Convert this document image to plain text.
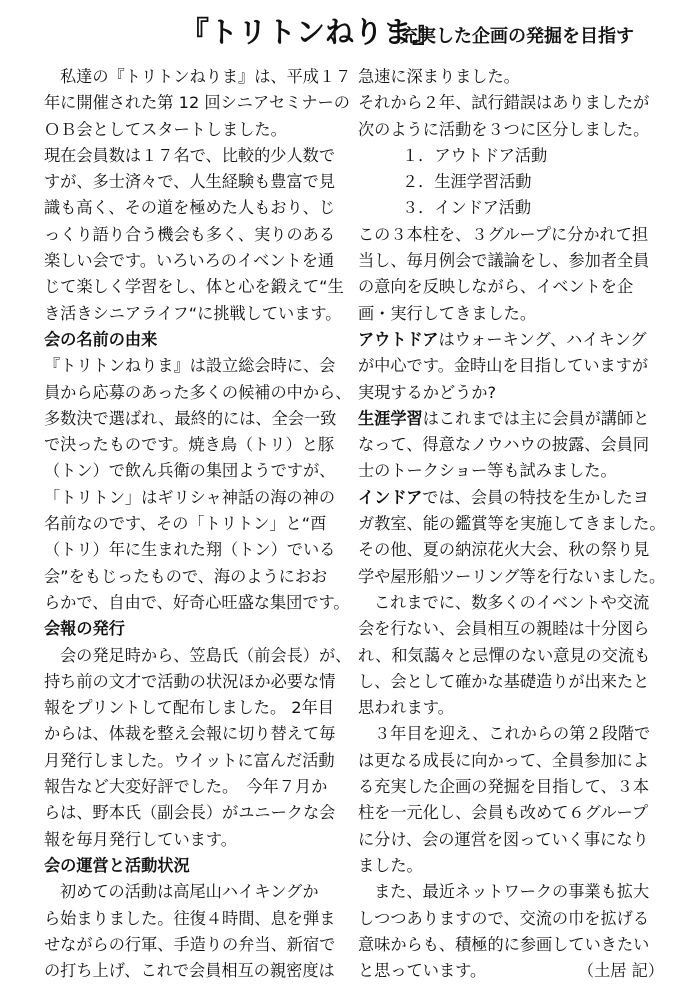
『トリトンねりま』
充実した企画の発掘を目指す
私達の『トリトンねりま』は、平成１７
年に開催された第 12 回シニアセミナーの
ＯＢ会としてスタートしました。
現在会員数は１７名で、比較的少人数で
すが、多士済々で、人生経験も豊富で見
識も高く、その道を極めた人もおり、じ
っくり語り合う機会も多く、実りのある
楽しい会です。いろいろのイベントを通
じて楽しく学習をし、体と心を鍛えて“生
き活きシニアライフ“に挑戦しています。
会の名前の由来
『トリトンねりま』は設立総会時に、会
員から応募のあった多くの候補の中から、
多数決で選ばれ、最終的には、全会一致
で決ったものです。焼き鳥（トリ）と豚
（トン）で飲ん兵衛の集団ようですが、
「トリトン」はギリシャ神話の海の神の
名前なのです、その「トリトン」と“酉
（トリ）年に生まれた翔（トン）でいる
会”をもじったもので、海のようにおお
らかで、自由で、好奇心旺盛な集団です。
会報の発行
会の発足時から、笠島氏（前会長）が、
持ち前の文才で活動の状況ほか必要な情
報をプリントして配布しました。 2年目
からは、体裁を整え会報に切り替えて毎
月発行しました。ウイットに富んだ活動
報告など大変好評でした。　今年７月か
らは、野本氏（副会長）がユニークな会
報を毎月発行しています。
会の運営と活動状況
初めての活動は高尾山ハイキングか
ら始まりました。往復４時間、息を弾ま
せながらの行軍、手造りの弁当、新宿で
の打ち上げ、これで会員相互の親密度は
急速に深まりました。
それから２年、試行錯誤はありましたが
次のように活動を３つに区分しました。
１．アウトドア活動
２．生涯学習活動
３．インドア活動
この３本柱を、３グループに分かれて担
当し、毎月例会で議論をし、参加者全員
の意向を反映しながら、イベントを企
画・実行してきました。
アウトドアはウォーキング、ハイキング
が中心です。金時山を目指していますが
実現するかどうか?
生涯学習はこれまでは主に会員が講師と
なって、得意なノウハウの披露、会員同
士のトークショー等も試みました。
インドアでは、会員の特技を生かしたヨ
ガ教室、能の鑑賞等を実施してきました。
その他、夏の納涼花火大会、秋の祭り見
学や屋形船ツーリング等を行ないました。
これまでに、数多くのイベントや交流
会を行ない、会員相互の親睦は十分図ら
れ、和気藹々と忌憚のない意見の交流も
し、会として確かな基礎造りが出来たと
思われます。
３年目を迎え、これからの第２段階で
は更なる成長に向かって、全員参加によ
る充実した企画の発掘を目指して、３本
柱を一元化し、会員も改めて６グループ
に分け、会の運営を図っていく事になり
ました。
また、最近ネットワークの事業も拡大
しつつありますので、交流の巾を拡げる
意味からも、積極的に参画していきたい
と思っています。	（土居 記）
